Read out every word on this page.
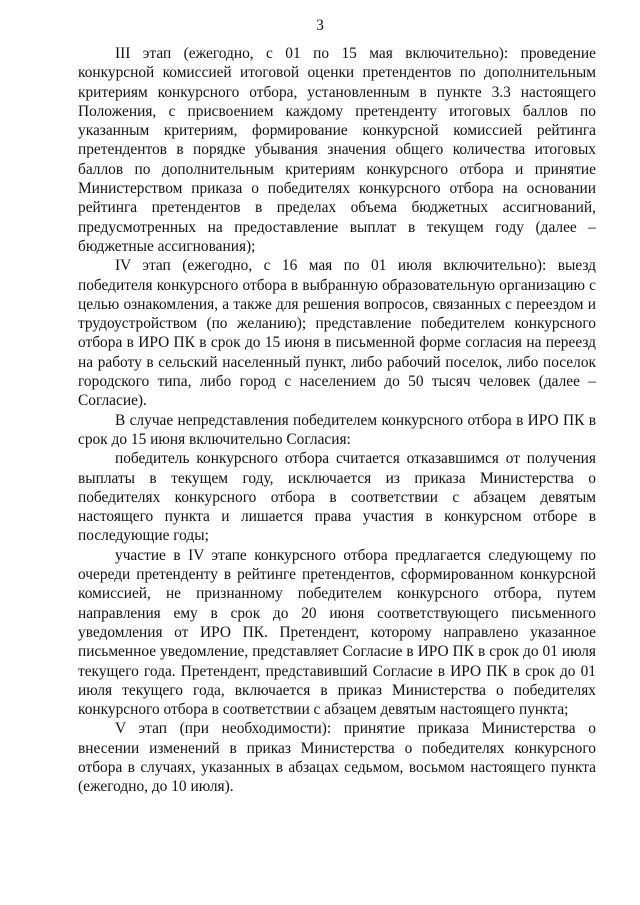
3

III этап (ежегодно, с 01 по 15 мая включительно): проведение конкурсной комиссией итоговой оценки претендентов по дополнительным критериям конкурсного отбора, установленным в пункте 3.3 настоящего Положения, с присвоением каждому претенденту итоговых баллов по указанным критериям, формирование конкурсной комиссией рейтинга претендентов в порядке убывания значения общего количества итоговых баллов по дополнительным критериям конкурсного отбора и принятие Министерством приказа о победителях конкурсного отбора на основании рейтинга претендентов в пределах объема бюджетных ассигнований, предусмотренных на предоставление выплат в текущем году (далее – бюджетные ассигнования);

IV этап (ежегодно, с 16 мая по 01 июля включительно): выезд победителя конкурсного отбора в выбранную образовательную организацию с целью ознакомления, а также для решения вопросов, связанных с переездом и трудоустройством (по желанию); представление победителем конкурсного отбора в ИРО ПК в срок до 15 июня в письменной форме согласия на переезд на работу в сельский населенный пункт, либо рабочий поселок, либо поселок городского типа, либо город с населением до 50 тысяч человек (далее – Согласие).

В случае непредставления победителем конкурсного отбора в ИРО ПК в срок до 15 июня включительно Согласия:

победитель конкурсного отбора считается отказавшимся от получения выплаты в текущем году, исключается из приказа Министерства о победителях конкурсного отбора в соответствии с абзацем девятым настоящего пункта и лишается права участия в конкурсном отборе в последующие годы;

участие в IV этапе конкурсного отбора предлагается следующему по очереди претенденту в рейтинге претендентов, сформированном конкурсной комиссией, не признанному победителем конкурсного отбора, путем направления ему в срок до 20 июня соответствующего письменного уведомления от ИРО ПК. Претендент, которому направлено указанное письменное уведомление, представляет Согласие в ИРО ПК в срок до 01 июля текущего года. Претендент, представивший Согласие в ИРО ПК в срок до 01 июля текущего года, включается в приказ Министерства о победителях конкурсного отбора в соответствии с абзацем девятым настоящего пункта;

V этап (при необходимости): принятие приказа Министерства о внесении изменений в приказ Министерства о победителях конкурсного отбора в случаях, указанных в абзацах седьмом, восьмом настоящего пункта (ежегодно, до 10 июля).
